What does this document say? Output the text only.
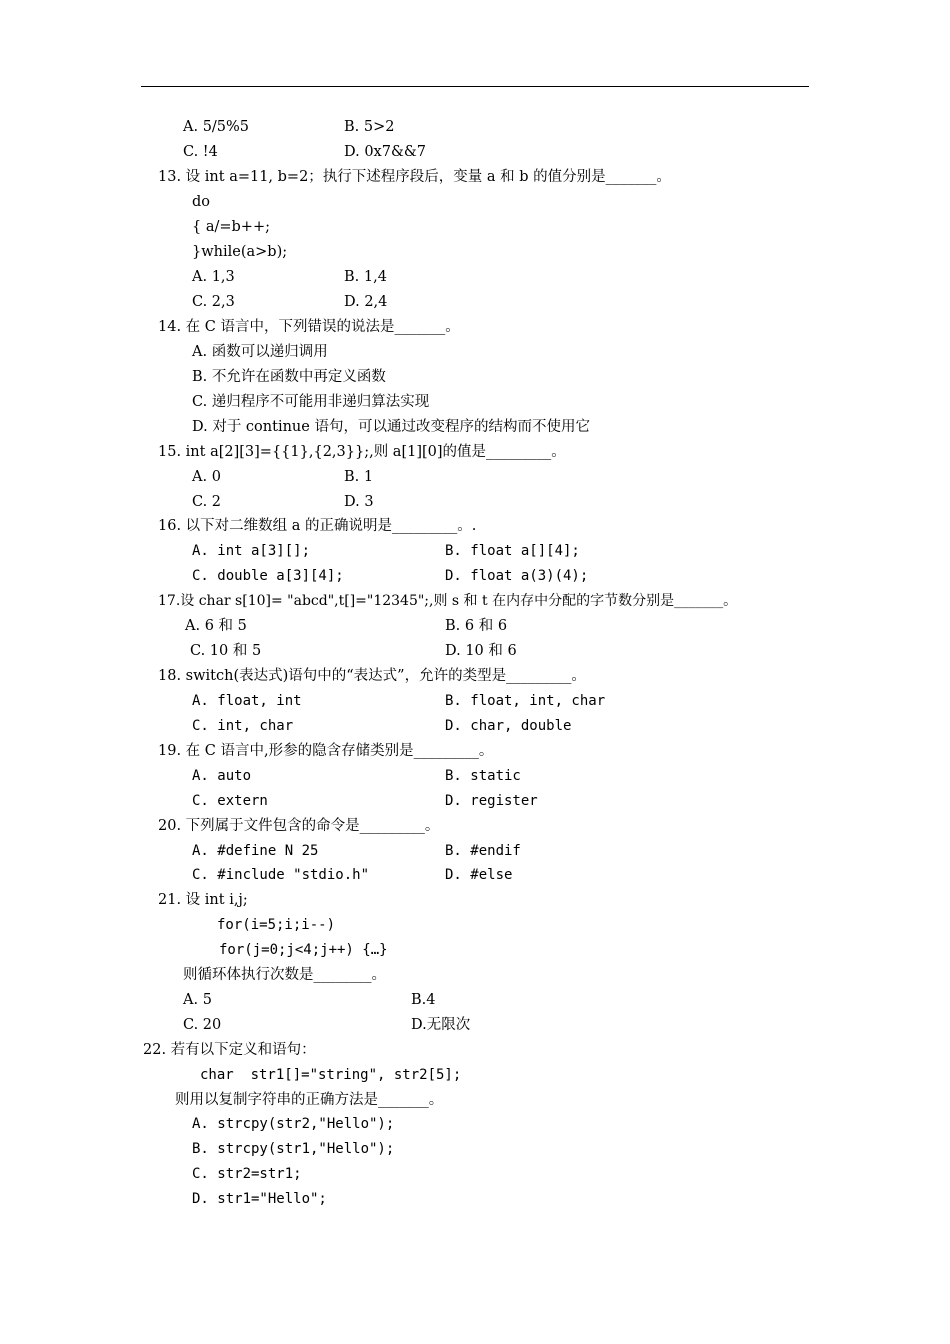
A. 5/5%5	B. 5>2
C. !4	D. 0x7&&7
13. 设 int a=11, b=2；执行下述程序段后，变量 a 和 b 的值分别是_______。
do
{ a/=b++;
}while(a>b);
A. 1,3	B. 1,4
C. 2,3	D. 2,4
14. 在 C 语言中，下列错误的说法是_______。
A. 函数可以递归调用
B. 不允许在函数中再定义函数
C. 递归程序不可能用非递归算法实现
D. 对于 continue 语句，可以通过改变程序的结构而不使用它
15. int a[2][3]={{1},{2,3}};,则 a[1][0]的值是_________。
A. 0	B. 1
C. 2	D. 3
16. 以下对二维数组 a 的正确说明是_________。.
A. int a[3][];	B. float a[][4];
C. double a[3][4];	D. float a(3)(4);
17.设 char s[10]= "abcd",t[]="12345";,则 s 和 t 在内存中分配的字节数分别是_______。
A. 6 和 5	B. 6 和 6
C. 10 和 5	D. 10 和 6
18. switch(表达式)语句中的“表达式”，允许的类型是_________。
A. float, int	B. float, int, char
C. int, char	D. char, double
19. 在 C 语言中,形参的隐含存储类别是_________。
A. auto	B. static
C. extern	D. register
20. 下列属于文件包含的命令是_________。
A. #define N 25	B. #endif
C. #include "stdio.h"	D. #else
21. 设 int i,j;
for(i=5;i;i--)
for(j=0;j<4;j++) {…}
则循环体执行次数是________。
A. 5	B.4
C. 20	D.无限次
22. 若有以下定义和语句：
char  str1[]="string", str2[5];
则用以复制字符串的正确方法是_______。
A. strcpy(str2,"Hello");
B. strcpy(str1,"Hello");
C. str2=str1;
D. str1="Hello";
